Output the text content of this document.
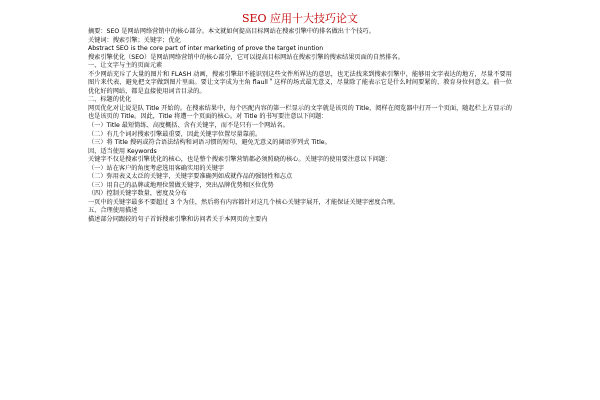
SEO 应用十大技巧论文

摘要：SEO 是网站网络营销中的核心部分。本文就如何提高目标网站在搜索引擎中的排名做出十个技巧。

关键词：搜索引擎；关键字；优化

Abstract SEO is the core part of inter marketing of prove the target inuntion

搜索引擎优化（SEO）是网站网络营销中的核心部分，它可以提高目标网站在搜索引擎的搜索结果页面的自然排名。

一、让文字与主的页面元素

不少网站充斥了大量的图片和 FLASH 动画，搜索引擎却不能识别这些文件所界达的意思，也无法找来到搜索引擎中，能够用文字表达的地方，尽量不要用图片来代表，避免把文字做到图片里面。要让文字成为主角 flaull＂这样的场式最无意义，尽量除了能表示它是什么时间要紧的、教育身位何意义。前一位优化好的网站，都是直接使用词音目录的。

二、标题的优化

网页优化对让说是队 Title 开始的。在搜索结果中，每个匹配内容的第一栏显示的文字就是该页的 Title，阅样在阅览器中打开一个页面，随起栏上方显示的也是该页的 Title。因此，Title 将遭一个页面的核心。对 Title 的书写要注意以下问题：

（一）Title 最短简练、高度概括、含有关键字，而不是只有一个网站名。

（二）有几个词对搜索引擎最重要，因此关键字位置尽量靠前。

（三）将 Title 搜码或符合语法结构和词语习惯的短句，避免无意义的阔语罗列式 Title。

因、适当使用 Keywords

关键字不仅是搜索引擎优化的核心，也是整个搜索引擎营销都必须照晓的核心。关键字的使用要注意以下问题：

（一）站在客户的角度考虑选用客确实用的关键字

（二）弥用表义太泛的关键字，关键字要准确列如成就作品的强韧性和志点

（三）用自己的品牌或地理位置做关键字，突出品牌优势和区位优势

（四）控制关键字数量，密度及分布

一页中的关键字最多不要超过 3 个为佳，然后将有内容都针对这几个核心关键字展开，才能保证关键字密度合理。

五、合理使用描述

描述部分同跟较的句子首诉搜索引擎和访问者关于本网页的主要内
